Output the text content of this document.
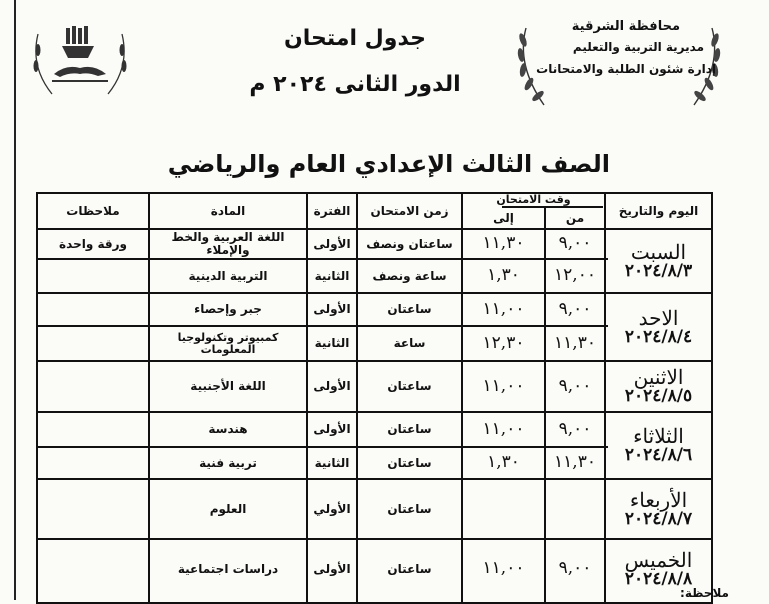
محافظة الشرقية
مديرية التربية والتعليم
إدارة شئون الطلبة والامتحانات
جدول امتحان
الدور الثانى ٢٠٢٤ م
الصف الثالث الإعدادي العام والرياضي
اليوم والتاريخ
وقت الامتحان
من
إلى
زمن الامتحان
الفترة
المادة
ملاحظات
السبت
٢٠٢٤/٨/٣
٩,٠٠
١١,٣٠
ساعتان ونصف
الأولى
اللغة العربية والخط والإملاء
ورقة واحدة
١٢,٠٠
١,٣٠
ساعة ونصف
الثانية
التربية الدينية
الاحد
٢٠٢٤/٨/٤
٩,٠٠
١١,٠٠
ساعتان
الأولى
جبر وإحصاء
١١,٣٠
١٢,٣٠
ساعة
الثانية
كمبيوتر وتكنولوجيا المعلومات
الاثنين
٢٠٢٤/٨/٥
٩,٠٠
١١,٠٠
ساعتان
الأولى
اللغة الأجنبية
الثلاثاء
٢٠٢٤/٨/٦
٩,٠٠
١١,٠٠
ساعتان
الأولى
هندسة
١١,٣٠
١,٣٠
ساعتان
الثانية
تربية فنية
الأربعاء
٢٠٢٤/٨/٧
ساعتان
الأولي
العلوم
الخميس
٢٠٢٤/٨/٨
٩,٠٠
١١,٠٠
ساعتان
الأولى
دراسات اجتماعية
ملاحظة:
